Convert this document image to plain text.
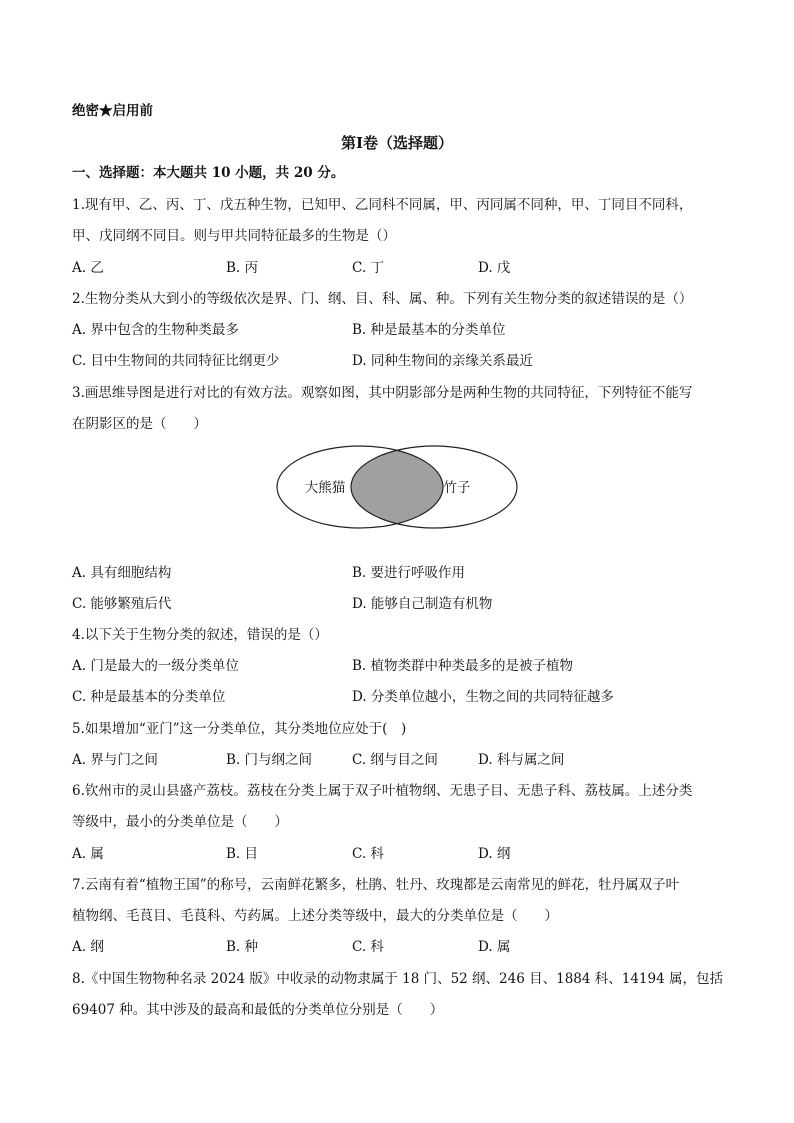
绝密★启用前
第Ⅰ卷（选择题）
一、选择题：本大题共 10 小题，共 20 分。
1.现有甲、乙、丙、丁、戊五种生物，已知甲、乙同科不同属，甲、丙同属不同种，甲、丁同目不同科，
甲、戊同纲不同目。则与甲共同特征最多的生物是（）
A. 乙	B. 丙	C. 丁	D. 戊
2.生物分类从大到小的等级依次是界、门、纲、目、科、属、种。下列有关生物分类的叙述错误的是（）
A. 界中包含的生物种类最多	B. 种是最基本的分类单位
C. 目中生物间的共同特征比纲更少	D. 同种生物间的亲缘关系最近
3.画思维导图是进行对比的有效方法。观察如图，其中阴影部分是两种生物的共同特征，下列特征不能写
在阴影区的是（　　）
大熊猫	竹子
A. 具有细胞结构	B. 要进行呼吸作用
C. 能够繁殖后代	D. 能够自己制造有机物
4.以下关于生物分类的叙述，错误的是（）
A. 门是最大的一级分类单位	B. 植物类群中种类最多的是被子植物
C. 种是最基本的分类单位	D. 分类单位越小，生物之间的共同特征越多
5.如果增加“亚门”这一分类单位，其分类地位应处于(　)
A. 界与门之间	B. 门与纲之间	C. 纲与目之间	D. 科与属之间
6.钦州市的灵山县盛产荔枝。荔枝在分类上属于双子叶植物纲、无患子目、无患子科、荔枝属。上述分类
等级中，最小的分类单位是（　　）
A. 属	B. 目	C. 科	D. 纲
7.云南有着“植物王国”的称号，云南鲜花繁多，杜鹃、牡丹、玫瑰都是云南常见的鲜花，牡丹属双子叶
植物纲、毛茛目、毛茛科、芍药属。上述分类等级中，最大的分类单位是（　　）
A. 纲	B. 种	C. 科	D. 属
8.《中国生物物种名录 2024 版》中收录的动物隶属于 18 门、52 纲、246 目、1884 科、14194 属，包括
69407 种。其中涉及的最高和最低的分类单位分别是（　　）
